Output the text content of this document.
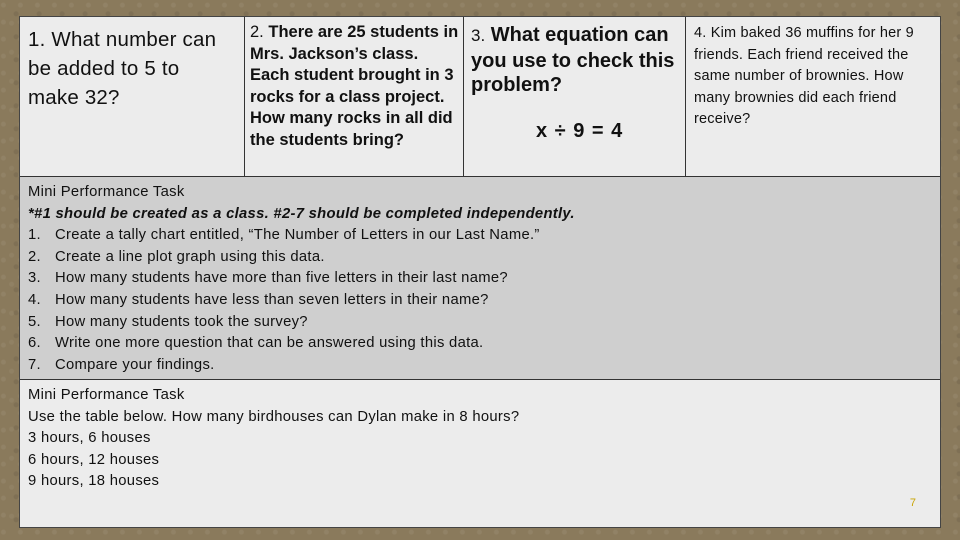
1. What number can be added to 5 to make 32?
2. There are 25 students in Mrs. Jackson’s class. Each student brought in 3 rocks for a class project. How many rocks in all did the students bring?
3. What equation can you use to check this problem?
x ÷ 9 = 4
4. Kim baked 36 muffins for her 9 friends. Each friend received the same number of brownies. How many brownies did each friend receive?
Mini Performance Task
*#1 should be created as a class. #2-7 should be completed independently.
1. Create a tally chart entitled, “The Number of Letters in our Last Name.”
2. Create a line plot graph using this data.
3. How many students have more than five letters in their last name?
4. How many students have less than seven letters in their name?
5. How many students took the survey?
6. Write one more question that can be answered using this data.
7. Compare your findings.
Mini Performance Task
Use the table below. How many birdhouses can Dylan make in 8 hours?
3 hours, 6 houses
6 hours, 12 houses
9 hours, 18 houses
7
